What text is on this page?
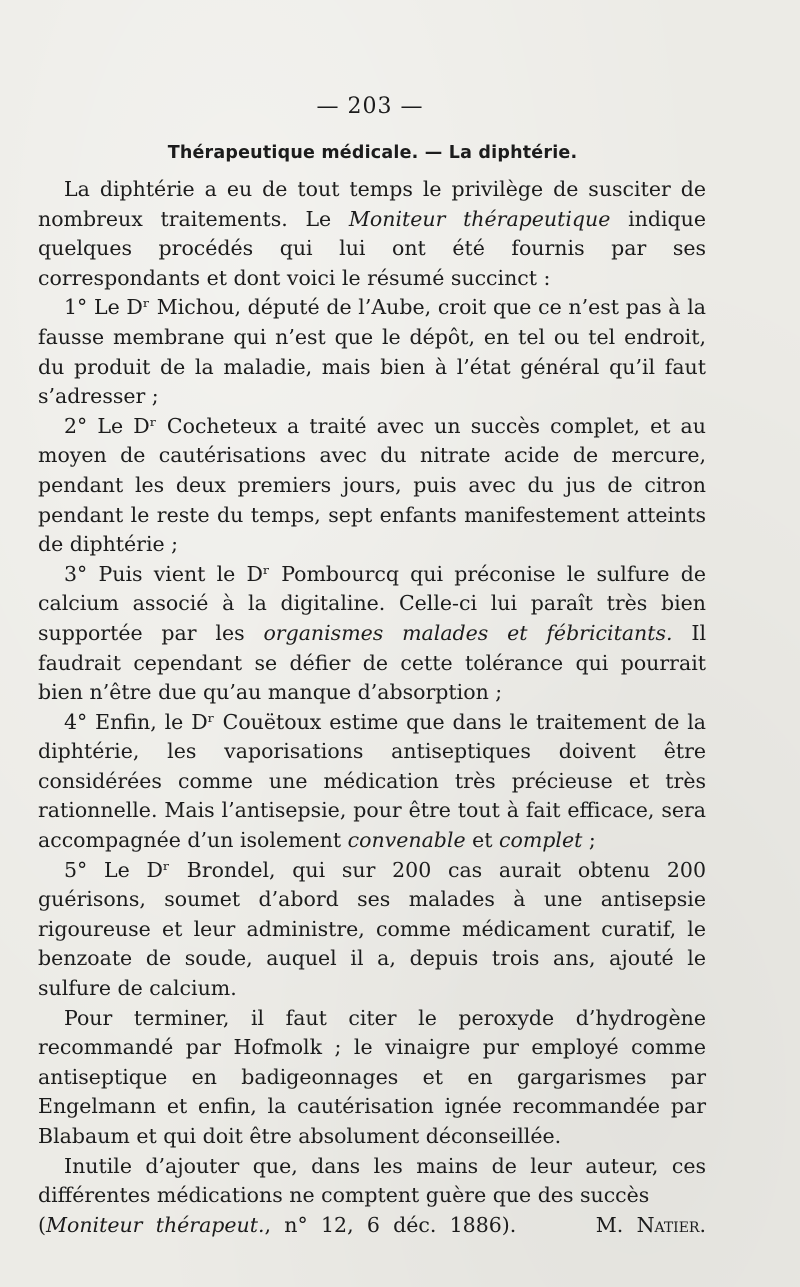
— 203 —
Thérapeutique médicale. — La diphtérie.

La diphtérie a eu de tout temps le privilège de susciter de nombreux traitements. Le Moniteur thérapeutique indique quelques procédés qui lui ont été fournis par ses correspondants et dont voici le résumé succinct :

1° Le Dʳ Michou, député de l’Aube, croit que ce n’est pas à la fausse membrane qui n’est que le dépôt, en tel ou tel endroit, du produit de la maladie, mais bien à l’état général qu’il faut s’adresser ;

2° Le Dʳ Cocheteux a traité avec un succès complet, et au moyen de cautérisations avec du nitrate acide de mercure, pendant les deux premiers jours, puis avec du jus de citron pendant le reste du temps, sept enfants manifestement atteints de diphtérie ;

3° Puis vient le Dʳ Pombourcq qui préconise le sulfure de calcium associé à la digitaline. Celle-ci lui paraît très bien supportée par les organismes malades et fébricitants. Il faudrait cependant se défier de cette tolérance qui pourrait bien n’être due qu’au manque d’absorption ;

4° Enfin, le Dʳ Couëtoux estime que dans le traitement de la diphtérie, les vaporisations antiseptiques doivent être considérées comme une médication très précieuse et très rationnelle. Mais l’antisepsie, pour être tout à fait efficace, sera accompagnée d’un isolement convenable et complet ;

5° Le Dʳ Brondel, qui sur 200 cas aurait obtenu 200 guérisons, soumet d’abord ses malades à une antisepsie rigoureuse et leur administre, comme médicament curatif, le benzoate de soude, auquel il a, depuis trois ans, ajouté le sulfure de calcium.

Pour terminer, il faut citer le peroxyde d’hydrogène recommandé par Hofmolk ; le vinaigre pur employé comme antiseptique en badigeonnages et en gargarismes par Engelmann et enfin, la cautérisation ignée recommandée par Blabaum et qui doit être absolument déconseillée.

Inutile d’ajouter que, dans les mains de leur auteur, ces différentes médications ne comptent guère que des succès

(Moniteur thérapeut., n° 12, 6 déc. 1886).	M. Natier.
